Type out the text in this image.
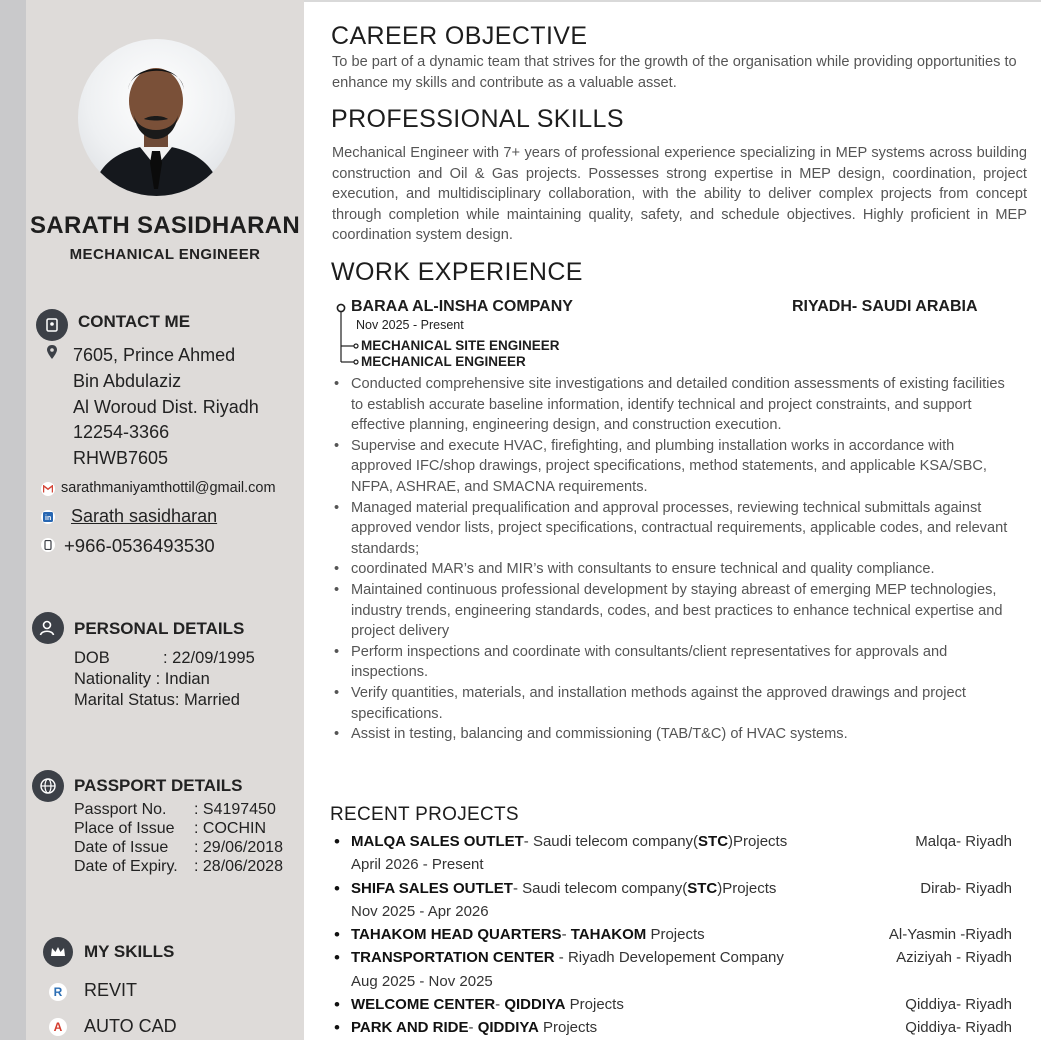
SARATH SASIDHARAN
MECHANICAL ENGINEER
CONTACT ME
7605, Prince Ahmed
Bin Abdulaziz
Al Woroud Dist. Riyadh
12254-3366
RHWB7605
sarathmaniyamthottil@gmail.com
in Sarath sasidharan
+966-0536493530
PERSONAL DETAILS
DOB	: 22/09/1995
Nationality : Indian
Marital Status: Married
PASSPORT DETAILS
Passport No. : S4197450
Place of Issue : COCHIN
Date of Issue : 29/06/2018
Date of Expiry. : 28/06/2028
MY SKILLS
R REVIT
A AUTO CAD
CAREER OBJECTIVE
To be part of a dynamic team that strives for the growth of the organisation while providing opportunities to enhance my skills and contribute as a valuable asset.
PROFESSIONAL SKILLS
Mechanical Engineer with 7+ years of professional experience specializing in MEP systems across building construction and Oil & Gas projects. Possesses strong expertise in MEP design, coordination, project execution, and multidisciplinary collaboration, with the ability to deliver complex projects from concept through completion while maintaining quality, safety, and schedule objectives. Highly proficient in MEP coordination system design.
WORK EXPERIENCE
BARAA AL-INSHA COMPANY	RIYADH- SAUDI ARABIA
Nov 2025 - Present
MECHANICAL SITE ENGINEER
MECHANICAL ENGINEER
• Conducted comprehensive site investigations and detailed condition assessments of existing facilities to establish accurate baseline information, identify technical and project constraints, and support effective planning, engineering design, and construction execution.
• Supervise and execute HVAC, firefighting, and plumbing installation works in accordance with approved IFC/shop drawings, project specifications, method statements, and applicable KSA/SBC, NFPA, ASHRAE, and SMACNA requirements.
• Managed material prequalification and approval processes, reviewing technical submittals against approved vendor lists, project specifications, contractual requirements, applicable codes, and relevant standards;
• coordinated MAR’s and MIR’s with consultants to ensure technical and quality compliance.
• Maintained continuous professional development by staying abreast of emerging MEP technologies, industry trends, engineering standards, codes, and best practices to enhance technical expertise and project delivery
• Perform inspections and coordinate with consultants/client representatives for approvals and inspections.
• Verify quantities, materials, and installation methods against the approved drawings and project specifications.
• Assist in testing, balancing and commissioning (TAB/T&C) of HVAC systems.
RECENT PROJECTS
• MALQA SALES OUTLET- Saudi telecom company(STC)Projects	Malqa- Riyadh
April 2026 - Present
• SHIFA SALES OUTLET- Saudi telecom company(STC)Projects	Dirab- Riyadh
Nov 2025 - Apr 2026
• TAHAKOM HEAD QUARTERS- TAHAKOM Projects	Al-Yasmin -Riyadh
• TRANSPORTATION CENTER - Riyadh Developement Company	Aziziyah - Riyadh
Aug 2025 - Nov 2025
• WELCOME CENTER- QIDDIYA Projects	Qiddiya- Riyadh
• PARK AND RIDE- QIDDIYA Projects	Qiddiya- Riyadh
